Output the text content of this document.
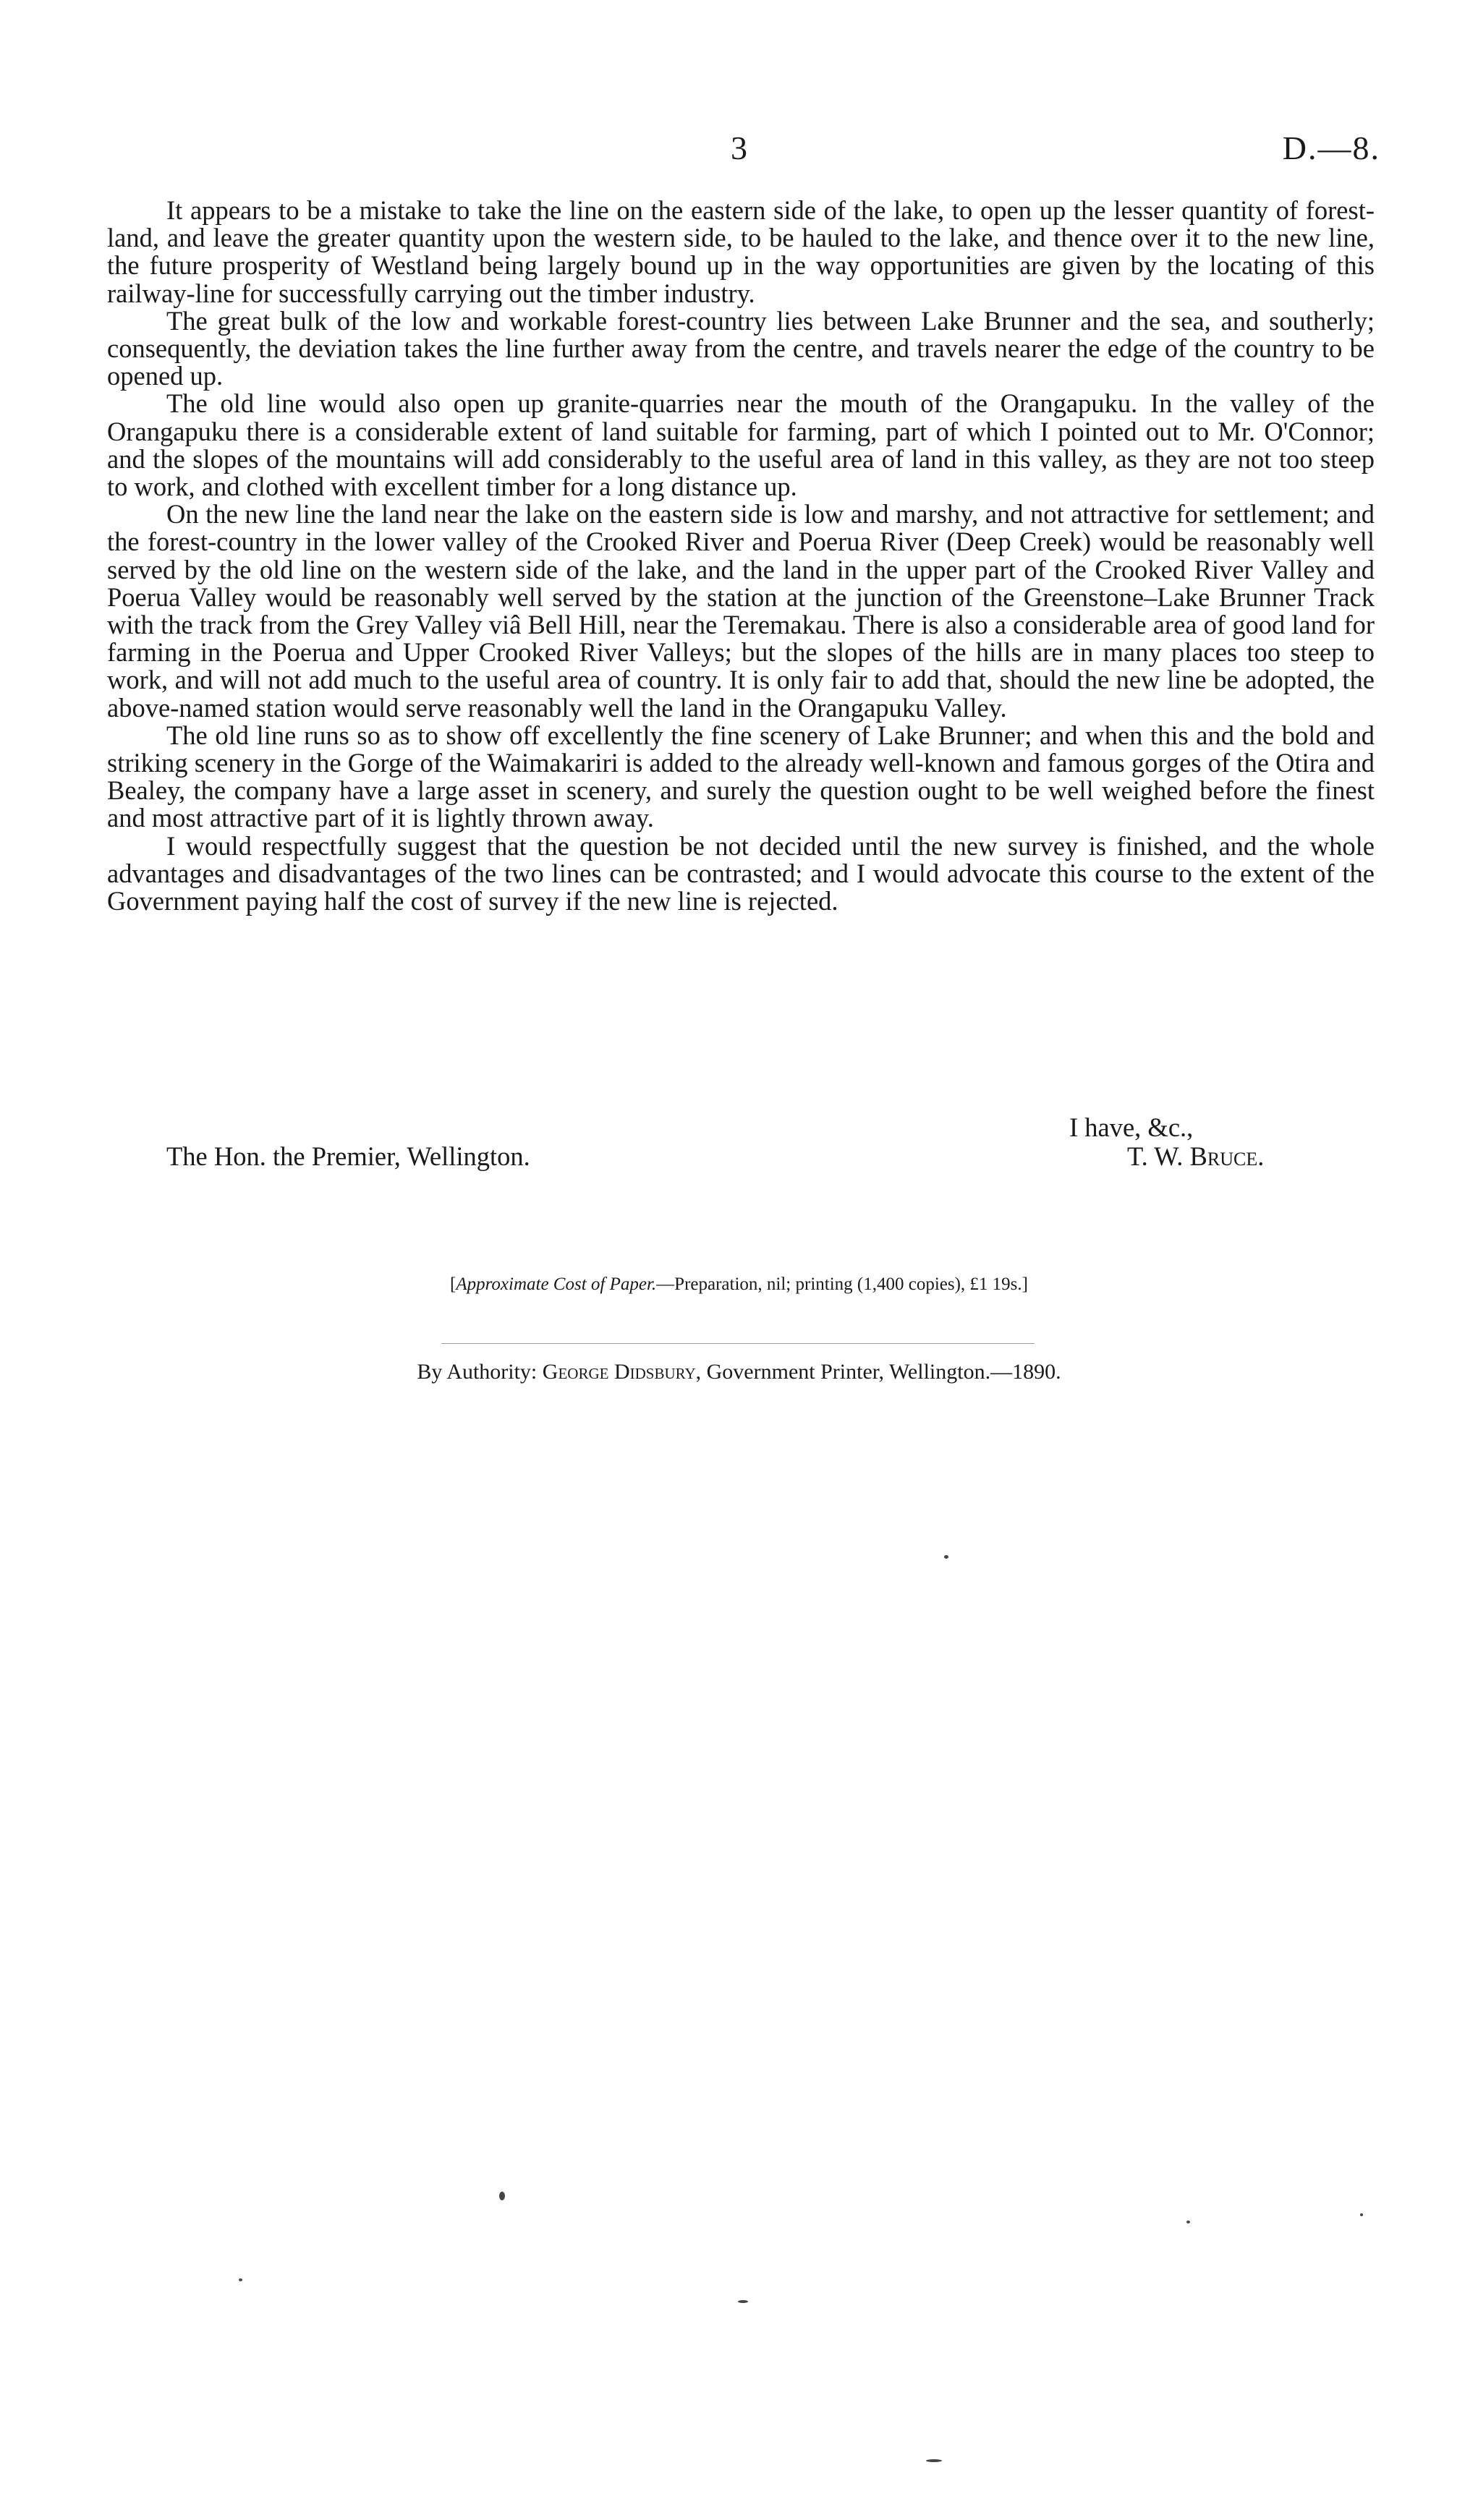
3	D.—8.

It appears to be a mistake to take the line on the eastern side of the lake, to open up the lesser quantity of forest-land, and leave the greater quantity upon the western side, to be hauled to the lake, and thence over it to the new line, the future prosperity of Westland being largely bound up in the way opportunities are given by the locating of this railway-line for successfully carrying out the timber industry.

The great bulk of the low and workable forest-country lies between Lake Brunner and the sea, and southerly; consequently, the deviation takes the line further away from the centre, and travels nearer the edge of the country to be opened up.

The old line would also open up granite-quarries near the mouth of the Orangapuku. In the valley of the Orangapuku there is a considerable extent of land suitable for farming, part of which I pointed out to Mr. O'Connor; and the slopes of the mountains will add considerably to the useful area of land in this valley, as they are not too steep to work, and clothed with excellent timber for a long distance up.

On the new line the land near the lake on the eastern side is low and marshy, and not attractive for settlement; and the forest-country in the lower valley of the Crooked River and Poerua River (Deep Creek) would be reasonably well served by the old line on the western side of the lake, and the land in the upper part of the Crooked River Valley and Poerua Valley would be reasonably well served by the station at the junction of the Greenstone–Lake Brunner Track with the track from the Grey Valley viâ Bell Hill, near the Teremakau. There is also a considerable area of good land for farming in the Poerua and Upper Crooked River Valleys; but the slopes of the hills are in many places too steep to work, and will not add much to the useful area of country. It is only fair to add that, should the new line be adopted, the above-named station would serve reasonably well the land in the Orangapuku Valley.

The old line runs so as to show off excellently the fine scenery of Lake Brunner; and when this and the bold and striking scenery in the Gorge of the Waimakariri is added to the already well-known and famous gorges of the Otira and Bealey, the company have a large asset in scenery, and surely the question ought to be well weighed before the finest and most attractive part of it is lightly thrown away.

I would respectfully suggest that the question be not decided until the new survey is finished, and the whole advantages and disadvantages of the two lines can be contrasted; and I would advocate this course to the extent of the Government paying half the cost of survey if the new line is rejected.

I have, &c.,
The Hon. the Premier, Wellington.	T. W. Bruce.
[Approximate Cost of Paper.—Preparation, nil; printing (1,400 copies), £1 19s.]
By Authority: George Didsbury, Government Printer, Wellington.—1890.
